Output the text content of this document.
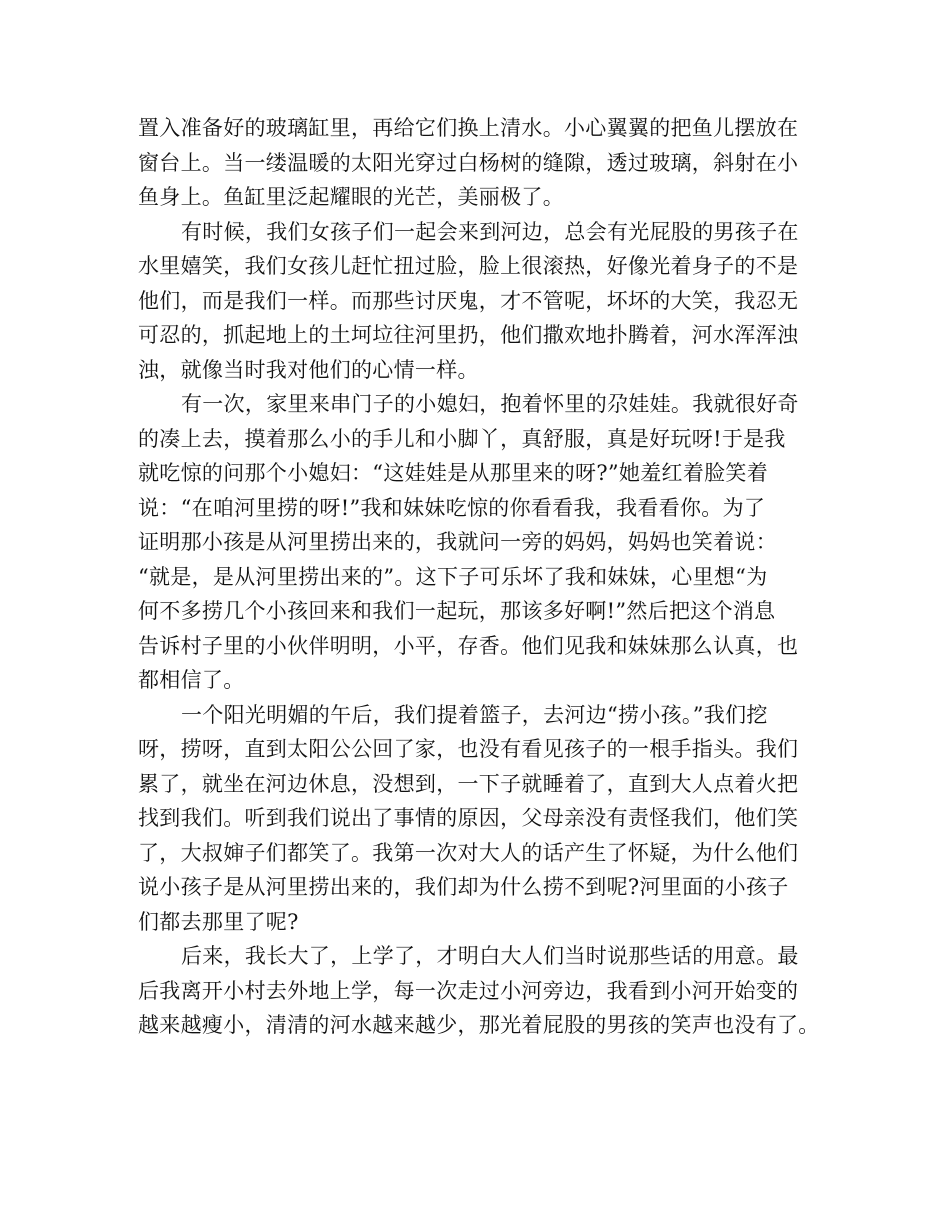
置入准备好的玻璃缸里，再给它们换上清水。小心翼翼的把鱼儿摆放在
窗台上。当一缕温暖的太阳光穿过白杨树的缝隙，透过玻璃，斜射在小
鱼身上。鱼缸里泛起耀眼的光芒，美丽极了。

有时候，我们女孩子们一起会来到河边，总会有光屁股的男孩子在
水里嬉笑，我们女孩儿赶忙扭过脸，脸上很滚热，好像光着身子的不是
他们，而是我们一样。而那些讨厌鬼，才不管呢，坏坏的大笑，我忍无
可忍的，抓起地上的土坷垃往河里扔，他们撒欢地扑腾着，河水浑浑浊
浊，就像当时我对他们的心情一样。

有一次，家里来串门子的小媳妇，抱着怀里的尕娃娃。我就很好奇
的凑上去，摸着那么小的手儿和小脚丫，真舒服，真是好玩呀!于是我
就吃惊的问那个小媳妇：“这娃娃是从那里来的呀?”她羞红着脸笑着
说：“在咱河里捞的呀!”我和妹妹吃惊的你看看我，我看看你。为了
证明那小孩是从河里捞出来的，我就问一旁的妈妈，妈妈也笑着说：
“就是，是从河里捞出来的”。这下子可乐坏了我和妹妹，心里想“为
何不多捞几个小孩回来和我们一起玩，那该多好啊!”然后把这个消息
告诉村子里的小伙伴明明，小平，存香。他们见我和妹妹那么认真，也
都相信了。

一个阳光明媚的午后，我们提着篮子，去河边“捞小孩。”我们挖
呀，捞呀，直到太阳公公回了家，也没有看见孩子的一根手指头。我们
累了，就坐在河边休息，没想到，一下子就睡着了，直到大人点着火把
找到我们。听到我们说出了事情的原因，父母亲没有责怪我们，他们笑
了，大叔婶子们都笑了。我第一次对大人的话产生了怀疑，为什么他们
说小孩子是从河里捞出来的，我们却为什么捞不到呢?河里面的小孩子
们都去那里了呢?

后来，我长大了，上学了，才明白大人们当时说那些话的用意。最
后我离开小村去外地上学，每一次走过小河旁边，我看到小河开始变的
越来越瘦小，清清的河水越来越少，那光着屁股的男孩的笑声也没有了。
